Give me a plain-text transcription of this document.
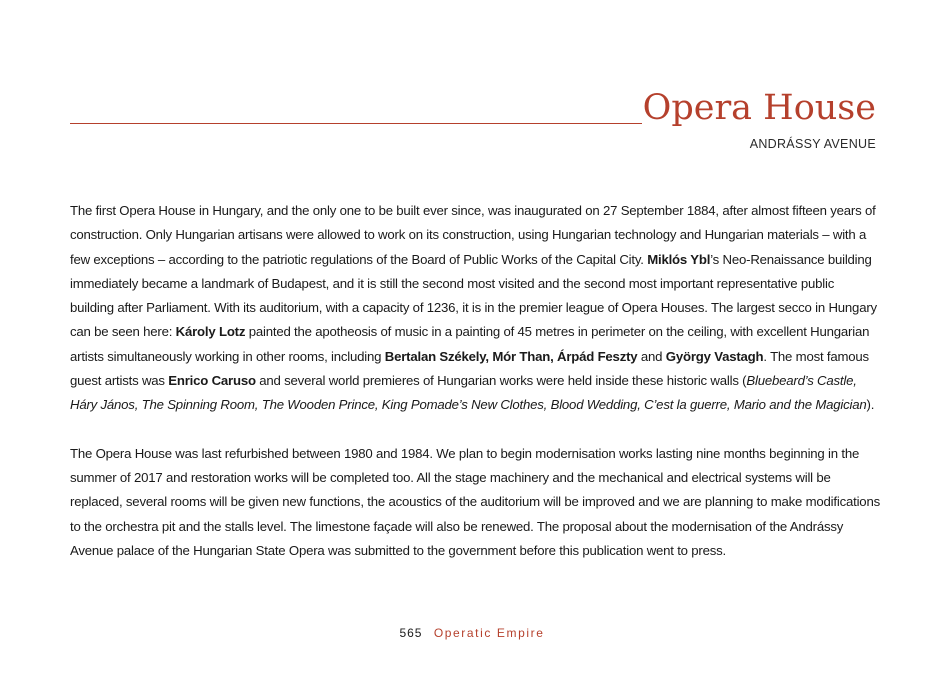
Opera House
ANDRÁSSY AVENUE

The first Opera House in Hungary, and the only one to be built ever since, was inaugurated on 27 September 1884, after almost fifteen years of construction. Only Hungarian artisans were allowed to work on its construction, using Hungarian technology and Hungarian materials – with a few exceptions – according to the patriotic regulations of the Board of Public Works of the Capital City. Miklós Ybl’s Neo-Renaissance building immediately became a landmark of Budapest, and it is still the second most visited and the second most important representative public building after Parliament. With its auditorium, with a capacity of 1236, it is in the premier league of Opera Houses. The largest secco in Hungary can be seen here: Károly Lotz painted the apotheosis of music in a painting of 45 metres in perimeter on the ceiling, with excellent Hungarian artists simultaneously working in other rooms, including Bertalan Székely, Mór Than, Árpád Feszty and György Vastagh. The most famous guest artists was Enrico Caruso and several world premieres of Hungarian works were held inside these historic walls (Bluebeard’s Castle, Háry János, The Spinning Room, The Wooden Prince, King Pomade’s New Clothes, Blood Wedding, C’est la guerre, Mario and the Magician).

The Opera House was last refurbished between 1980 and 1984. We plan to begin modernisation works lasting nine months beginning in the summer of 2017 and restoration works will be completed too. All the stage machinery and the mechanical and electrical systems will be replaced, several rooms will be given new functions, the acoustics of the auditorium will be improved and we are planning to make modifications to the orchestra pit and the stalls level. The limestone façade will also be renewed. The proposal about the modernisation of the Andrássy Avenue palace of the Hungarian State Opera was submitted to the government before this publication went to press.

565 Operatic Empire
